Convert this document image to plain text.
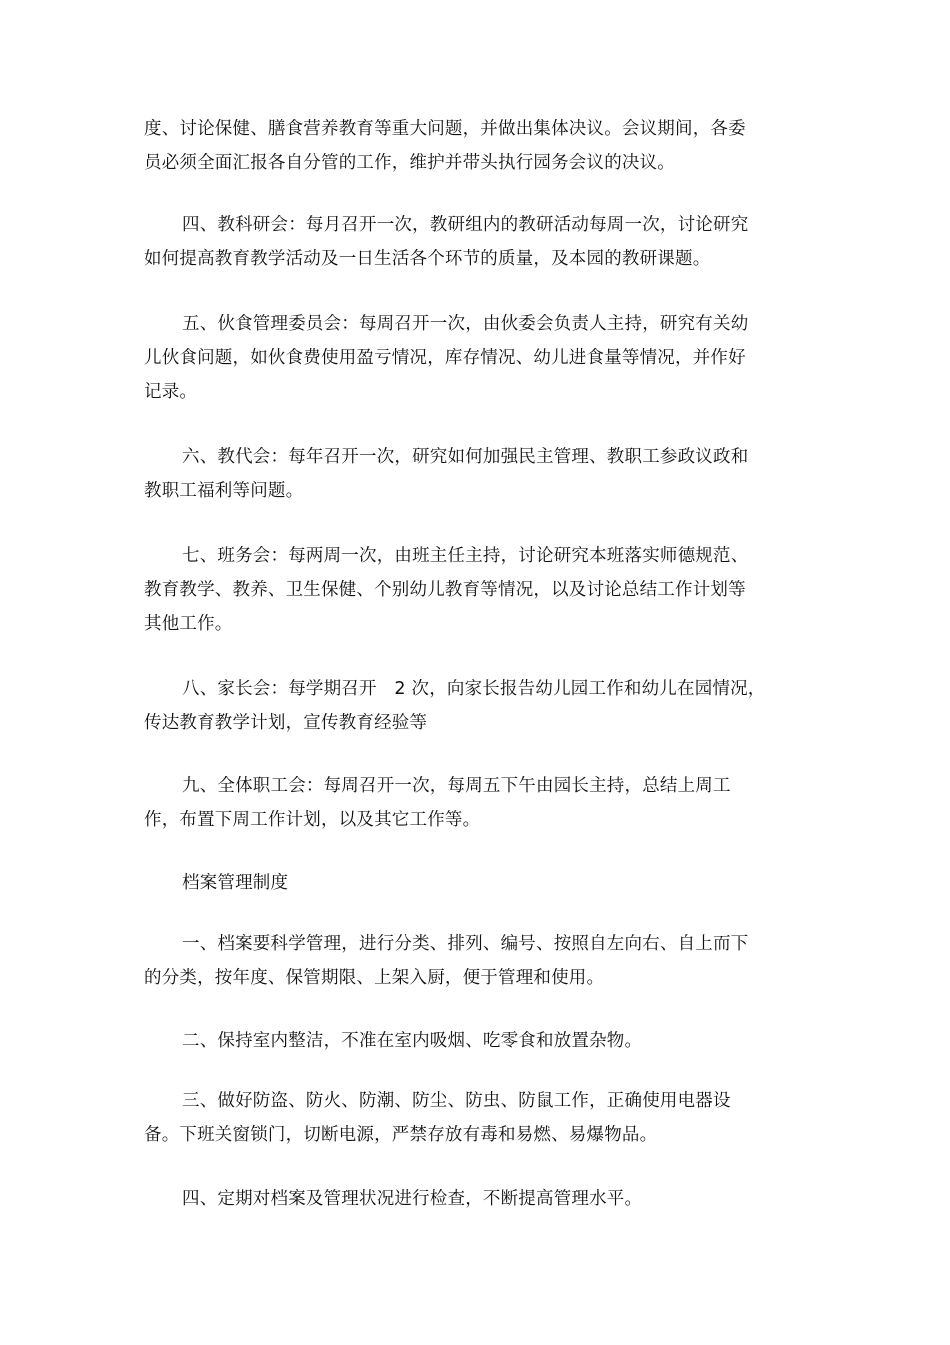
度、讨论保健、膳食营养教育等重大问题，并做出集体决议。会议期间，各委
员必须全面汇报各自分管的工作，维护并带头执行园务会议的决议。

四、教科研会：每月召开一次，教研组内的教研活动每周一次，讨论研究
如何提高教育教学活动及一日生活各个环节的质量，及本园的教研课题。

五、伙食管理委员会：每周召开一次，由伙委会负责人主持，研究有关幼
儿伙食问题，如伙食费使用盈亏情况，库存情况、幼儿进食量等情况，并作好
记录。

六、教代会：每年召开一次，研究如何加强民主管理、教职工参政议政和
教职工福利等问题。

七、班务会：每两周一次，由班主任主持，讨论研究本班落实师德规范、
教育教学、教养、卫生保健、个别幼儿教育等情况，以及讨论总结工作计划等
其他工作。

八、家长会：每学期召开　2 次，向家长报告幼儿园工作和幼儿在园情况，
传达教育教学计划，宣传教育经验等

九、全体职工会：每周召开一次，每周五下午由园长主持，总结上周工
作，布置下周工作计划，以及其它工作等。

档案管理制度

一、档案要科学管理，进行分类、排列、编号、按照自左向右、自上而下
的分类，按年度、保管期限、上架入厨，便于管理和使用。

二、保持室内整洁，不准在室内吸烟、吃零食和放置杂物。

三、做好防盗、防火、防潮、防尘、防虫、防鼠工作，正确使用电器设
备。下班关窗锁门，切断电源，严禁存放有毒和易燃、易爆物品。

四、定期对档案及管理状况进行检查，不断提高管理水平。
